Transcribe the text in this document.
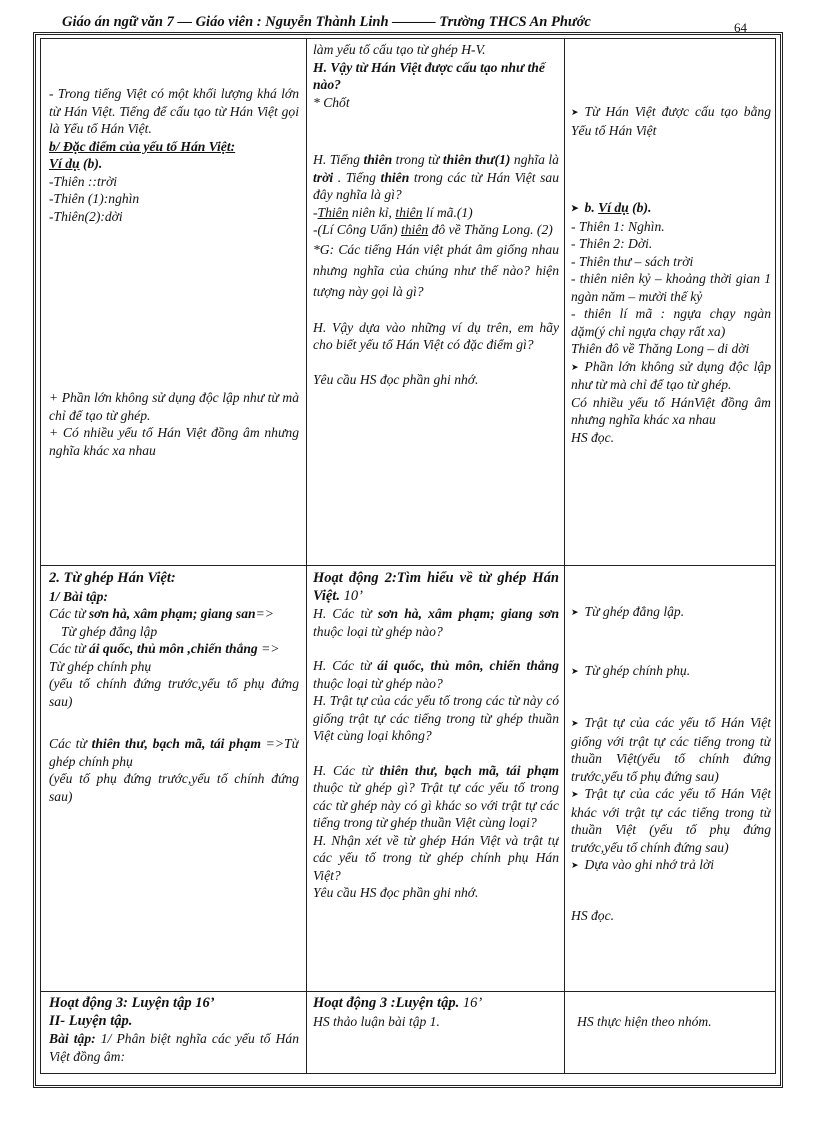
Giáo án ngữ văn 7 — Giáo viên : Nguyễn Thành Linh ——— Trường THCS An Phước	64

- Trong tiếng Việt có một khối lượng khá lớn từ Hán Việt. Tiếng để cấu tạo từ Hán Việt gọi là Yếu tố Hán Việt.

b/ Đặc điểm của yếu tố Hán Việt:

Ví dụ (b).

-Thiên ::trời

-Thiên (1):nghìn

-Thiên(2):dời

+ Phần lớn không sử dụng độc lập như từ mà chỉ để tạo từ ghép.

+ Có nhiều yếu tố Hán Việt đồng âm nhưng nghĩa khác xa nhau

làm yếu tố cấu tạo từ ghép H-V.

H. Vậy từ Hán Việt được cấu tạo như thế nào?

* Chốt

H. Tiếng thiên trong từ thiên thư(1) nghĩa là trời . Tiếng thiên trong các từ Hán Việt sau đây nghĩa là gì?

-Thiên niên kỉ, thiên lí mã.(1)

-(Lí Công Uẩn) thiên đô về Thăng Long. (2)

*G: Các tiếng Hán việt phát âm giống nhau nhưng nghĩa của chúng như thế nào? hiện tượng này gọi là gì?

H. Vậy dựa vào những ví dụ trên, em hãy cho biết yếu tố Hán Việt có đặc điểm gì?

Yêu cầu HS đọc phần ghi nhớ.

➤ Từ Hán Việt được cấu tạo bằng Yếu tố Hán Việt

➤ b. Ví dụ (b).

- Thiên 1: Nghìn.

- Thiên 2: Dời.

- Thiên thư – sách trời

- thiên niên kỷ – khoảng thời gian 1 ngàn năm – mười thế kỷ

- thiên lí mã : ngựa chạy ngàn dặm(ý chỉ ngựa chạy rất xa)

Thiên đô về Thăng Long – di dời

➤ Phần lớn không sử dụng độc lập như từ mà chỉ để tạo từ ghép.

Có nhiều yếu tố HánViệt đồng âm nhưng nghĩa khác xa nhau

HS đọc.

2. Từ ghép Hán Việt:

1/ Bài tập:

Các từ sơn hà, xâm phạm; giang san=>

Từ ghép đẳng lập

Các từ ái quốc, thủ môn ,chiến thắng =>

Từ ghép chính phụ

(yếu tố chính đứng trước,yếu tố phụ đứng sau)

Các từ thiên thư, bạch mã, tái phạm =>Từ ghép chính phụ

(yếu tố phụ đứng trước,yếu tố chính đứng sau)

Hoạt động 2:Tìm hiểu về từ ghép Hán Việt. 10’

H. Các từ sơn hà, xâm phạm; giang sơn thuộc loại từ ghép nào?

H. Các từ ái quốc, thủ môn, chiến thắng thuộc loại từ ghép nào?

H. Trật tự của các yếu tố trong các từ này có giống trật tự các tiếng trong từ ghép thuần Việt cùng loại không?

H. Các từ thiên thư, bạch mã, tái phạm thuộc từ ghép gì? Trật tự các yếu tố trong các từ ghép này có gì khác so với trật tự các tiếng trong từ ghép thuần Việt cùng loại?

H. Nhận xét về từ ghép Hán Việt và trật tự các yếu tố trong từ ghép chính phụ Hán Việt?

Yêu cầu HS đọc phần ghi nhớ.

➤ Từ ghép đẳng lập.

➤ Từ ghép chính phụ.

➤ Trật tự của các yếu tố Hán Việt giống với trật tự các tiếng trong từ thuần Việt(yếu tố chính đứng trước,yếu tố phụ đứng sau)

➤ Trật tự của các yếu tố Hán Việt khác với trật tự các tiếng trong từ thuần Việt (yếu tố phụ đứng trước,yếu tố chính đứng sau)

➤ Dựa vào ghi nhớ trả lời

HS đọc.

Hoạt động 3: Luyện tập 16’

II- Luyện tập.

Bài tập: 1/ Phân biệt nghĩa các yếu tố Hán Việt đồng âm:

Hoạt động 3 :Luyện tập. 16’

HS thảo luận bài tập 1.	HS thực hiện theo nhóm.
